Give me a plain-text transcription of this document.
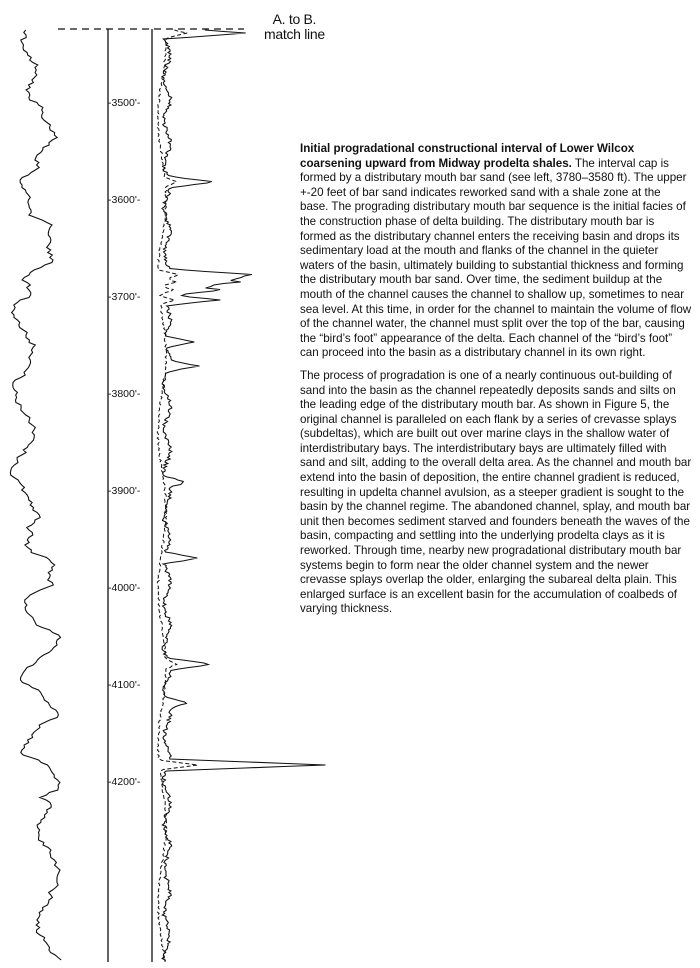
-3500'-
-3600'-
-3700'-
-3800'-
-3900'-
-4000'-
-4100'-
-4200'-
A. to B.
match line

Initial progradational constructional interval of Lower Wilcox coarsening upward from Midway prodelta shales. The interval cap is formed by a distributary mouth bar sand (see left, 3780–3580 ft). The upper +-20 feet of bar sand indicates reworked sand with a shale zone at the base. The prograding distributary mouth bar sequence is the initial facies of the construction phase of delta building. The distributary mouth bar is formed as the distributary channel enters the receiving basin and drops its sedimentary load at the mouth and flanks of the channel in the quieter waters of the basin, ultimately building to substantial thickness and forming the distributary mouth bar sand. Over time, the sediment buildup at the mouth of the channel causes the channel to shallow up, sometimes to near sea level. At this time, in order for the channel to maintain the volume of flow of the channel water, the channel must split over the top of the bar, causing the “bird’s foot” appearance of the delta. Each channel of the “bird’s foot” can proceed into the basin as a distributary channel in its own right.

The process of progradation is one of a nearly continuous out-building of sand into the basin as the channel repeatedly deposits sands and silts on the leading edge of the distributary mouth bar. As shown in Figure 5, the original channel is paralleled on each flank by a series of crevasse splays (subdeltas), which are built out over marine clays in the shallow water of interdistributary bays. The interdistributary bays are ultimately filled with sand and silt, adding to the overall delta area. As the channel and mouth bar extend into the basin of deposition, the entire channel gradient is reduced, resulting in updelta channel avulsion, as a steeper gradient is sought to the basin by the channel regime. The abandoned channel, splay, and mouth bar unit then becomes sediment starved and founders beneath the waves of the basin, compacting and settling into the underlying prodelta clays as it is reworked. Through time, nearby new progradational distributary mouth bar systems begin to form near the older channel system and the newer crevasse splays overlap the older, enlarging the subareal delta plain. This enlarged surface is an excellent basin for the accumulation of coalbeds of varying thickness.
